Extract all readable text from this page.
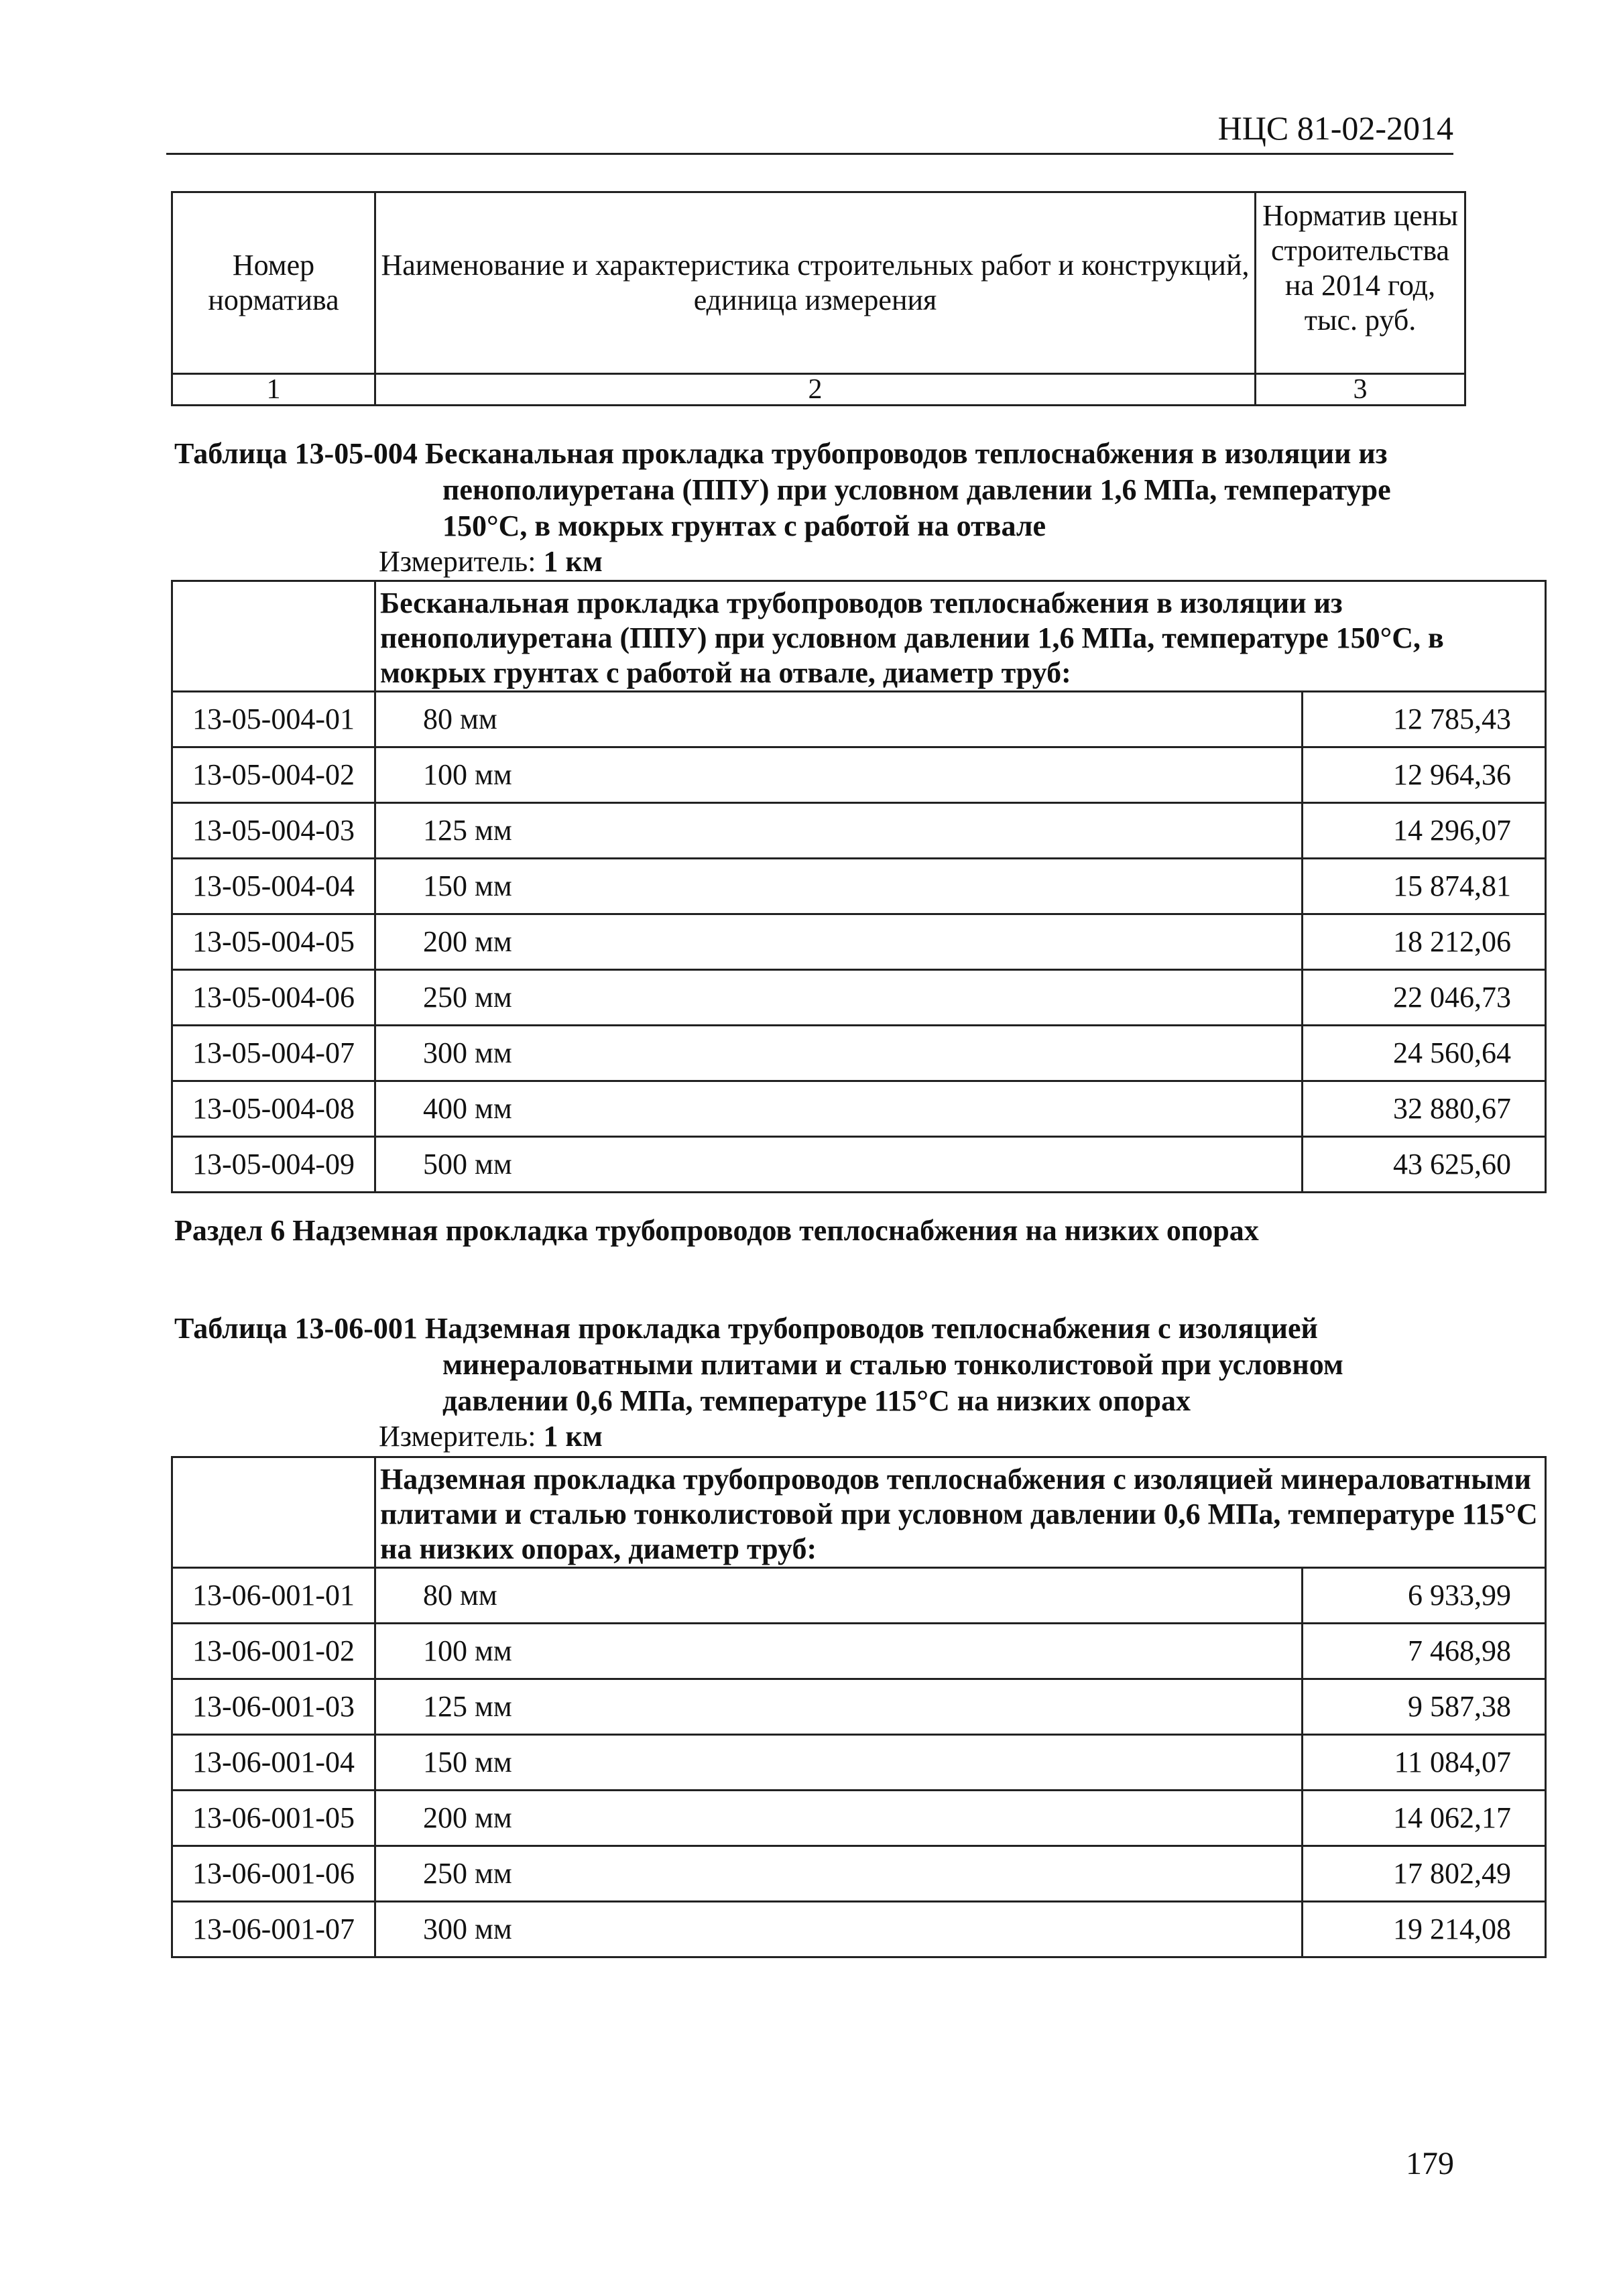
НЦС 81-02-2014
Номер норматива	Наименование и характеристика строительных работ и конструкций, единица измерения	Норматив цены строительства на 2014 год, тыс. руб.
1	2	3
Таблица 13-05-004 Бесканальная прокладка трубопроводов теплоснабжения в изоляции из
пенополиуретана (ППУ) при условном давлении 1,6 МПа, температуре 150°C, в мокрых грунтах с работой на отвале
Измеритель: 1 км
	Бесканальная прокладка трубопроводов теплоснабжения в изоляции из пенополиуретана (ППУ) при условном давлении 1,6 МПа, температуре 150°C, в мокрых грунтах с работой на отвале, диаметр труб:	
13-05-004-01	80 мм	12 785,43
13-05-004-02	100 мм	12 964,36
13-05-004-03	125 мм	14 296,07
13-05-004-04	150 мм	15 874,81
13-05-004-05	200 мм	18 212,06
13-05-004-06	250 мм	22 046,73
13-05-004-07	300 мм	24 560,64
13-05-004-08	400 мм	32 880,67
13-05-004-09	500 мм	43 625,60
Раздел 6 Надземная прокладка трубопроводов теплоснабжения на низких опорах
Таблица 13-06-001 Надземная прокладка трубопроводов теплоснабжения с изоляцией
минераловатными плитами и сталью тонколистовой при условном давлении 0,6 МПа, температуре 115°C на низких опорах
Измеритель: 1 км
	Надземная прокладка трубопроводов теплоснабжения с изоляцией минераловатными плитами и сталью тонколистовой при условном давлении 0,6 МПа, температуре 115°C на низких опорах, диаметр труб:	
13-06-001-01	80 мм	6 933,99
13-06-001-02	100 мм	7 468,98
13-06-001-03	125 мм	9 587,38
13-06-001-04	150 мм	11 084,07
13-06-001-05	200 мм	14 062,17
13-06-001-06	250 мм	17 802,49
13-06-001-07	300 мм	19 214,08
179
